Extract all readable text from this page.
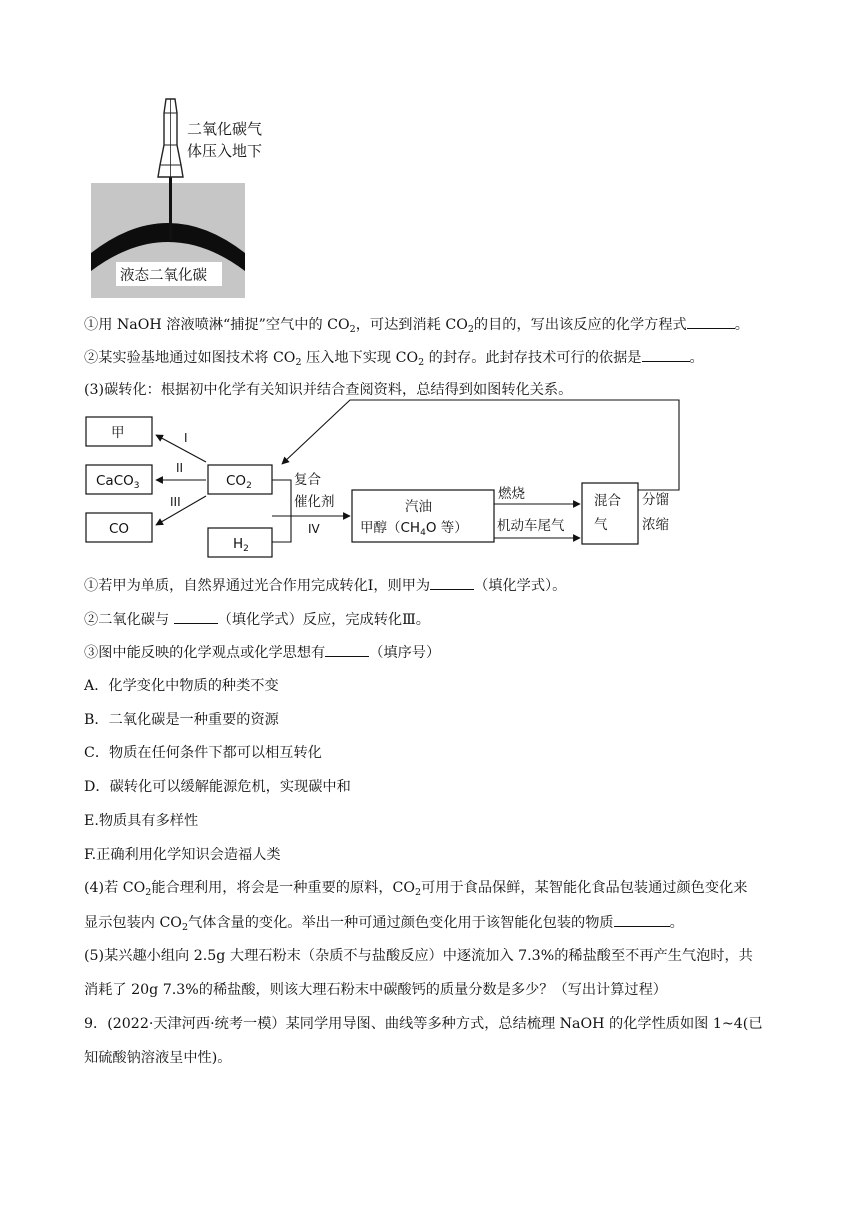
二氧化碳气
体压入地下
液态二氧化碳
①用 NaOH 溶液喷淋“捕捉”空气中的 $CO_2$，可达到消耗 $CO_2$的目的，写出该反应的化学方程式	。
②某实验基地通过如图技术将 $CO_2$ 压入地下实现 $CO_2$ 的封存。此封存技术可行的依据是	。
(3)碳转化：根据初中化学有关知识并结合查阅资料，总结得到如图转化关系。
甲
CaCO$_3$
CO
$CO_2$
$H_2$
I
II
III
复合
催化剂
IV
汽油
甲醇（$CH_4O$ 等）
燃烧
机动车尾气
混合
气
分馏
浓缩
①若甲为单质，自然界通过光合作用完成转化Ⅰ，则甲为	（填化学式）。
②二氧化碳与	（填化学式）反应，完成转化Ⅲ。
③图中能反映的化学观点或化学思想有	（填序号）
A．化学变化中物质的种类不变
B．二氧化碳是一种重要的资源
C．物质在任何条件下都可以相互转化
D．碳转化可以缓解能源危机，实现碳中和
E.物质具有多样性
F.正确利用化学知识会造福人类
(4)若 $CO_2$能合理利用，将会是一种重要的原料，$CO_2$可用于食品保鲜，某智能化食品包装通过颜色变化来
显示包装内 $CO_2$气体含量的变化。举出一种可通过颜色变化用于该智能化包装的物质	。
(5)某兴趣小组向 2.5g 大理石粉末（杂质不与盐酸反应）中逐流加入 7.3%的稀盐酸至不再产生气泡时，共
消耗了 20g 7.3%的稀盐酸，则该大理石粉末中碳酸钙的质量分数是多少？（写出计算过程）
9．(2022·天津河西·统考一模）某同学用导图、曲线等多种方式，总结梳理 NaOH 的化学性质如图 1~4(已
知硫酸钠溶液呈中性)。
